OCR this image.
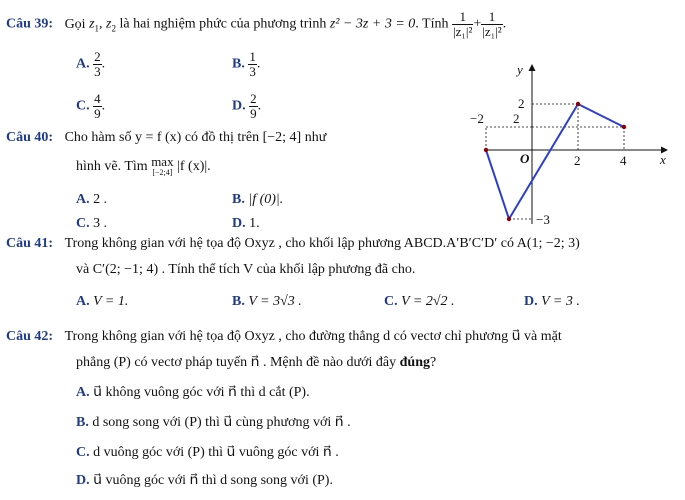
Câu 39: Gọi $z_1$, $z_2$ là hai nghiệm phức của phương trình z² − 3z + 3 = 0. Tính $\frac{1}{\text{|z₁|²}} + \frac{1}{\text{|z₁|²}}$ .
A. $\frac{2}{3}$ .	B. $\frac{1}{3}$ .
C. $\frac{4}{9}$ .	D. $\frac{2}{9}$ .
Câu 40: Cho hàm số y = f (x) có đồ thị trên [−2; 4] như
hình vẽ. Tìm max
[−2;4] |f (x)|.
A. 2 .	B. |f (0)|.
C. 3 .	D. 1.
y
x
O
2
−3
−2 2
2	4
Câu 41: Trong không gian với hệ tọa độ Oxyz , cho khối lập phương ABCD.A′B′C′D′ có A(1; −2; 3)
và C′(2; −1; 4) . Tính thể tích V của khối lập phương đã cho.
A. V = 1.	B. V = 3√3 .	C. V = 2√2 .	D. V = 3 .
Câu 42: Trong không gian với hệ tọa độ Oxyz , cho đường thẳng d có vectơ chỉ phương u⃗ và mặt
phẳng (P) có vectơ pháp tuyến n⃗ . Mệnh đề nào dưới đây đúng?
A. u⃗ không vuông góc với n⃗ thì d cắt (P).
B. d song song với (P) thì u⃗ cùng phương với n⃗ .
C. d vuông góc với (P) thì u⃗ vuông góc với n⃗ .
D. u⃗ vuông góc với n⃗ thì d song song với (P).
